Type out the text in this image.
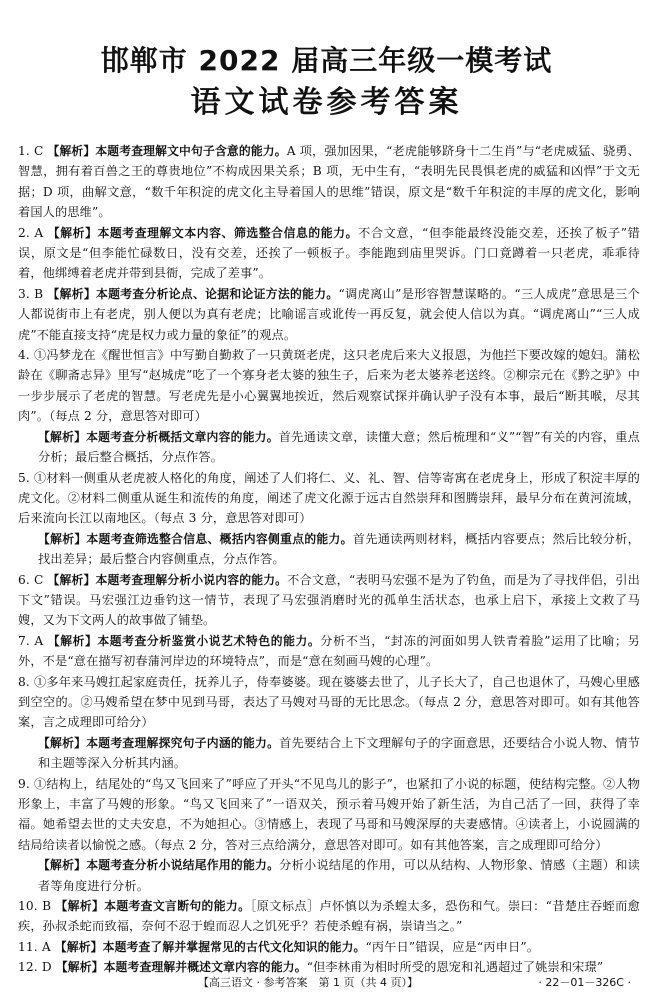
邯郸市 2022 届高三年级一模考试
语文试卷参考答案

1. C 【解析】本题考查理解文中句子含意的能力。A 项，强加因果，“老虎能够跻身十二生肖”与“老虎威猛、骁勇、智慧，拥有着百兽之王的尊贵地位”不构成因果关系；B 项，无中生有，“表明先民畏惧老虎的威猛和凶悍”于文无据；D 项，曲解文意，“数千年积淀的虎文化主导着国人的思维”错误，原文是“数千年积淀的丰厚的虎文化，影响着国人的思维”。

2. A 【解析】本题考查理解文本内容、筛选整合信息的能力。不合文意，“但李能最终没能交差，还挨了板子”错误，原文是“但李能忙碌数日，没有交差，还挨了一顿板子。李能跑到庙里哭诉。门口竟蹲着一只老虎，乖乖待着，他绑缚着老虎并带到县衙，完成了差事”。

3. B 【解析】本题考查分析论点、论据和论证方法的能力。“调虎离山”是形容智慧谋略的。“三人成虎”意思是三个人都说街市上有老虎，别人便以为真有老虎；比喻谣言或讹传一再反复，就会使人信以为真。“调虎离山”“三人成虎”不能直接支持“虎是权力或力量的象征”的观点。

4. ①冯梦龙在《醒世恒言》中写勤自勤救了一只黄斑老虎，这只老虎后来大义报恩，为他拦下要改嫁的媳妇。蒲松龄在《聊斋志异》里写“赵城虎”吃了一个寡身老太婆的独生子，后来为老太婆养老送终。②柳宗元在《黔之驴》中一步步展示了老虎的智慧。写老虎先是小心翼翼地挨近，然后观察试探并确认驴子没有本事，最后“断其喉，尽其肉”。（每点 2 分，意思答对即可）

【解析】本题考查分析概括文章内容的能力。首先通读文章，读懂大意；然后梳理和“义”“智”有关的内容，重点分析；最后整合概括，分点作答。

5. ①材料一侧重从老虎被人格化的角度，阐述了人们将仁、义、礼、智、信等寄寓在老虎身上，形成了积淀丰厚的虎文化。②材料二侧重从诞生和流传的角度，阐述了虎文化源于远古自然崇拜和图腾崇拜，最早分布在黄河流域，后来流向长江以南地区。（每点 3 分，意思答对即可）

【解析】本题考查筛选整合信息、概括内容侧重点的能力。首先通读两则材料，概括内容要点；然后比较分析，找出差异；最后整合内容侧重点，分点作答。

6. C 【解析】本题考查理解分析小说内容的能力。不合文意，“表明马宏强不是为了钓鱼，而是为了寻找伴侣，引出下文”错误。马宏强江边垂钓这一情节，表现了马宏强消磨时光的孤单生活状态，也承上启下，承接上文救了马嫂，又为下文两人的故事做了铺垫。

7. A 【解析】本题考查分析鉴赏小说艺术特色的能力。分析不当，“封冻的河面如男人铁青着脸”运用了比喻；另外，不是“意在描写初春蒲河岸边的环境特点”，而是“意在刻画马嫂的心理”。

8. ①多年来马嫂扛起家庭责任，抚养儿子，侍奉婆婆。现在婆婆去世了，儿子长大了，自己也退休了，马嫂心里感到空空的。②马嫂希望在梦中见到马哥，表达了马嫂对马哥的无比思念。（每点 2 分，意思答对即可。如有其他答案，言之成理即可给分）

【解析】本题考查理解探究句子内涵的能力。首先要结合上下文理解句子的字面意思，还要结合小说人物、情节和主题等深入分析其内涵。

9. ①结构上，结尾处的“鸟又飞回来了”呼应了开头“不见鸟儿的影子”，也紧扣了小说的标题，使结构完整。②人物形象上，丰富了马嫂的形象。“鸟又飞回来了”一语双关，预示着马嫂开始了新生活，为自己活了一回，获得了幸福。她希望去世的丈夫安息，不为她担心。③情感上，表现了马哥和马嫂深厚的夫妻感情。④读者上，小说圆满的结局给读者以愉悦之感。（每点 2 分，答对三点给满分，意思答对即可。如有其他答案，言之成理即可给分）

【解析】本题考查分析小说结尾作用的能力。分析小说结尾的作用，可以从结构、人物形象、情感（主题）和读者等角度进行分析。

10. B 【解析】本题考查文言断句的能力。［原文标点］卢怀慎以为杀蝗太多，恐伤和气。崇曰：“昔楚庄吞蛭而愈疾，孙叔杀蛇而致福，奈何不忍于蝗而忍人之饥死乎？若使杀蝗有祸，崇请当之。”

11. A 【解析】本题考查了解并掌握常见的古代文化知识的能力。“丙午日”错误，应是“丙申日”。

12. D 【解析】本题考查理解并概述文章内容的能力。“但李林甫为相时所受的恩宠和礼遇超过了姚崇和宋璟”

【高三语文 · 参考答案　第 1 页（共 4 页）】	· 22－01－326C ·
